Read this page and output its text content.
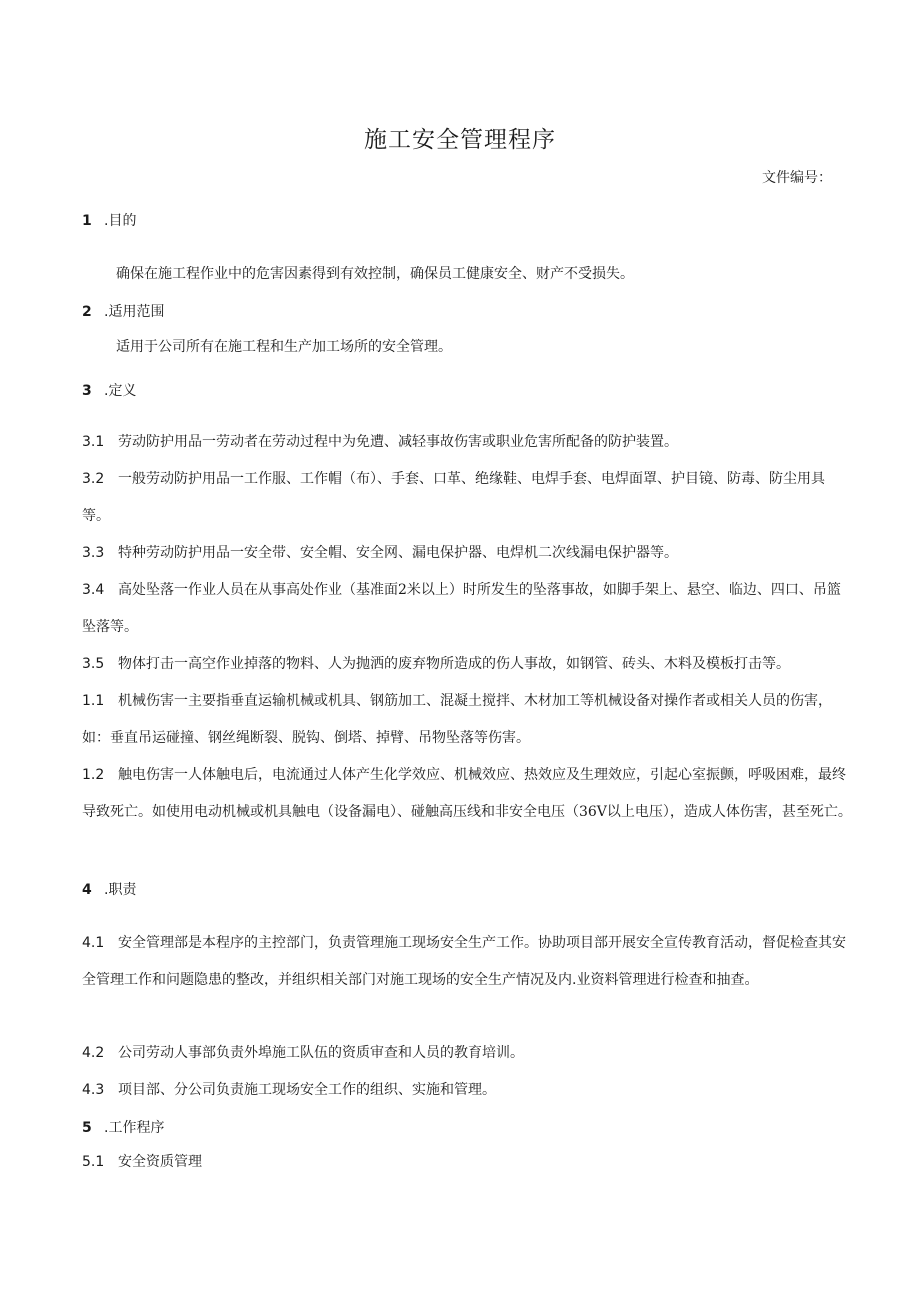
施工安全管理程序
文件编号：
1 .目的
确保在施工程作业中的危害因素得到有效控制，确保员工健康安全、财产不受损失。
2 .适用范围
适用于公司所有在施工程和生产加工场所的安全管理。
3 .定义
3.1 劳动防护用品一劳动者在劳动过程中为免遭、减轻事故伤害或职业危害所配备的防护装置。
3.2 一般劳动防护用品一工作服、工作帽（布）、手套、口革、绝缘鞋、电焊手套、电焊面罩、护目镜、防毒、防尘用具等。
3.3 特种劳动防护用品一安全带、安全帽、安全网、漏电保护器、电焊机二次线漏电保护器等。
3.4 高处坠落一作业人员在从事高处作业（基准面2米以上）时所发生的坠落事故，如脚手架上、悬空、临边、四口、吊篮坠落等。
3.5 物体打击一高空作业掉落的物料、人为抛洒的废弃物所造成的伤人事故，如钢管、砖头、木料及模板打击等。
1.1 机械伤害一主要指垂直运输机械或机具、钢筋加工、混凝土搅拌、木材加工等机械设备对操作者或相关人员的伤害，如：垂直吊运碰撞、钢丝绳断裂、脱钩、倒塔、掉臂、吊物坠落等伤害。
1.2 触电伤害一人体触电后，电流通过人体产生化学效应、机械效应、热效应及生理效应，引起心室振颤，呼吸困难，最终导致死亡。如使用电动机械或机具触电（设备漏电）、碰触高压线和非安全电压（36V以上电压），造成人体伤害，甚至死亡。
4 .职责
4.1 安全管理部是本程序的主控部门，负责管理施工现场安全生产工作。协助项目部开展安全宣传教育活动，督促检查其安全管理工作和问题隐患的整改，并组织相关部门对施工现场的安全生产情况及内.业资料管理进行检查和抽查。
4.2 公司劳动人事部负责外埠施工队伍的资质审查和人员的教育培训。
4.3 项目部、分公司负责施工现场安全工作的组织、实施和管理。
5 .工作程序
5.1 安全资质管理
